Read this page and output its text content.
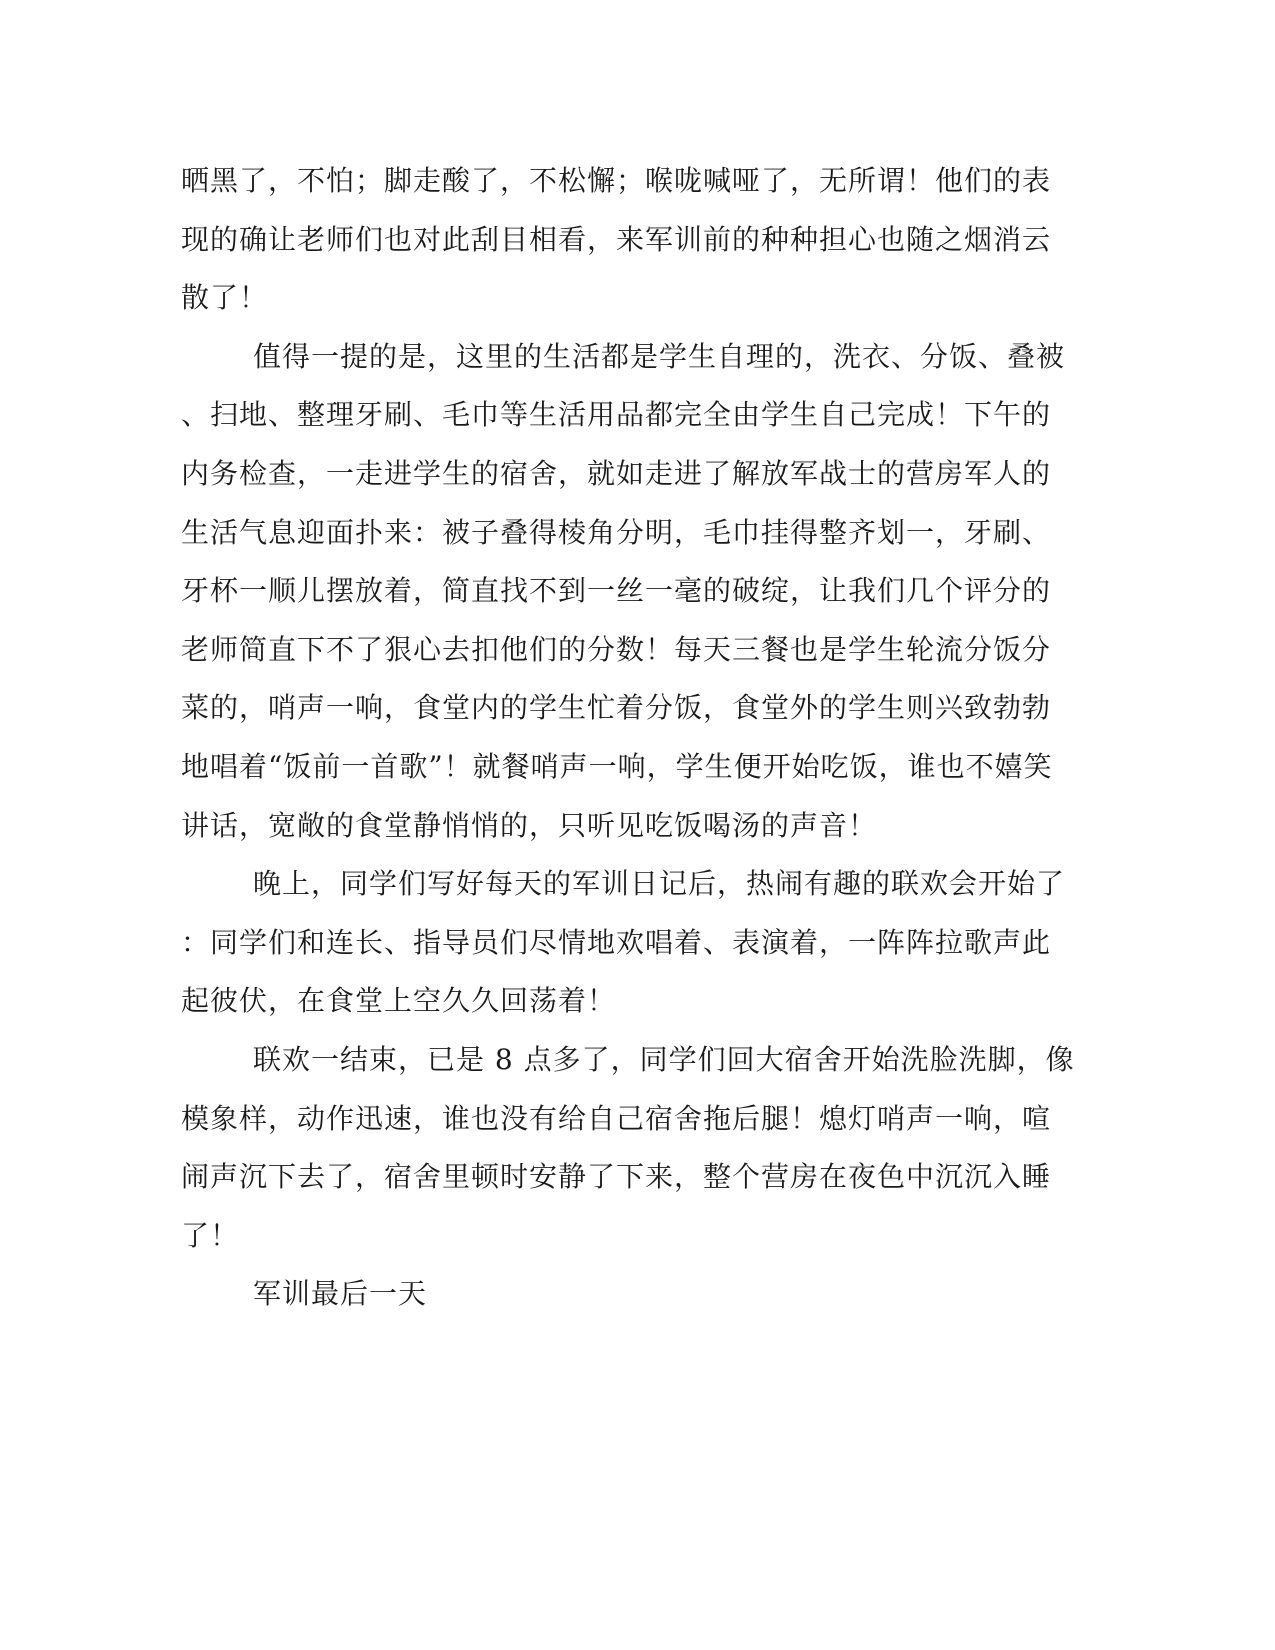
晒黑了，不怕；脚走酸了，不松懈；喉咙喊哑了，无所谓！他们的表
现的确让老师们也对此刮目相看，来军训前的种种担心也随之烟消云
散了！
值得一提的是，这里的生活都是学生自理的，洗衣、分饭、叠被
、扫地、整理牙刷、毛巾等生活用品都完全由学生自己完成！下午的
内务检查，一走进学生的宿舍，就如走进了解放军战士的营房军人的
生活气息迎面扑来：被子叠得棱角分明，毛巾挂得整齐划一，牙刷、
牙杯一顺儿摆放着，简直找不到一丝一毫的破绽，让我们几个评分的
老师简直下不了狠心去扣他们的分数！每天三餐也是学生轮流分饭分
菜的，哨声一响，食堂内的学生忙着分饭，食堂外的学生则兴致勃勃
地唱着“饭前一首歌”！就餐哨声一响，学生便开始吃饭，谁也不嬉笑
讲话，宽敞的食堂静悄悄的，只听见吃饭喝汤的声音！
晚上，同学们写好每天的军训日记后，热闹有趣的联欢会开始了
：同学们和连长、指导员们尽情地欢唱着、表演着，一阵阵拉歌声此
起彼伏，在食堂上空久久回荡着！
联欢一结束，已是 8 点多了，同学们回大宿舍开始洗脸洗脚，像
模象样，动作迅速，谁也没有给自己宿舍拖后腿！熄灯哨声一响，喧
闹声沉下去了，宿舍里顿时安静了下来，整个营房在夜色中沉沉入睡
了！
军训最后一天
